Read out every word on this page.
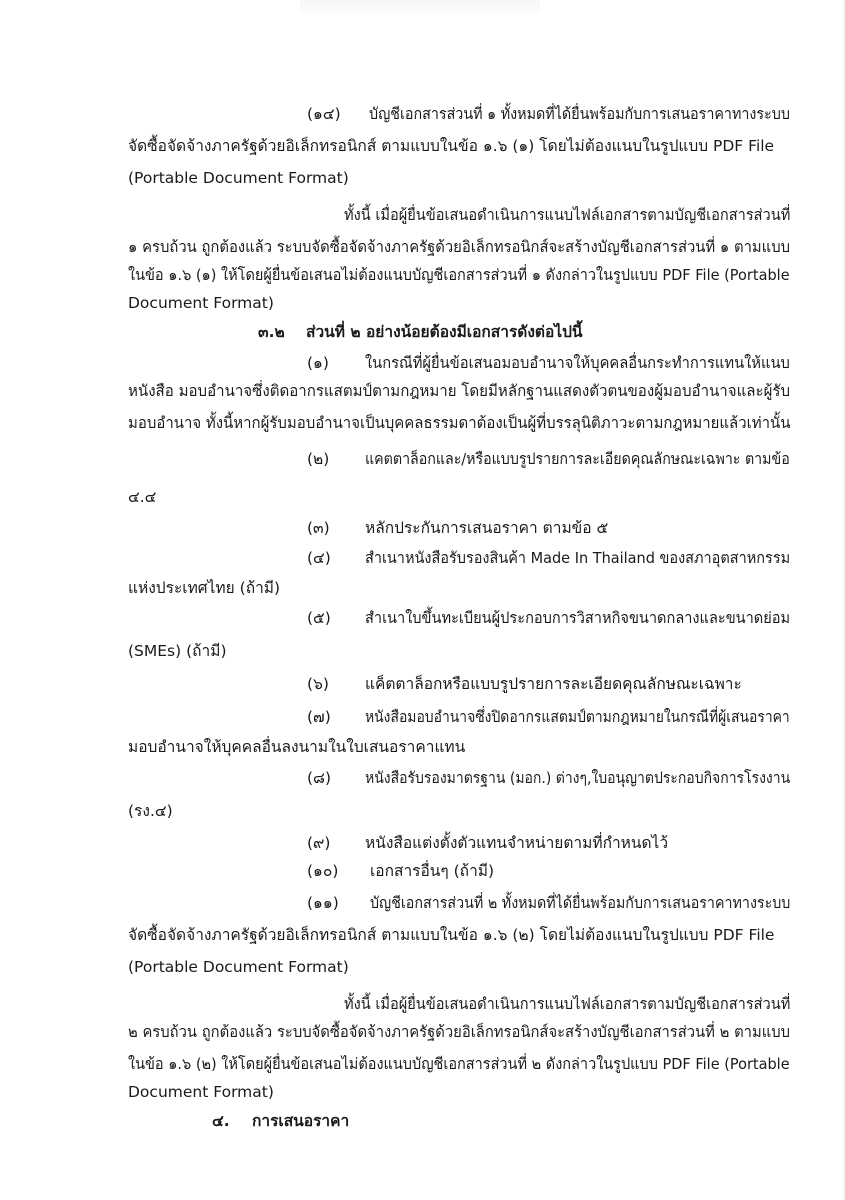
(๑๔) บัญชีเอกสารส่วนที่ ๑ ทั้งหมดที่ได้ยื่นพร้อมกับการเสนอราคาทางระบบ
จัดซื้อจัดจ้างภาครัฐด้วยอิเล็กทรอนิกส์ ตามแบบในข้อ ๑.๖ (๑) โดยไม่ต้องแนบในรูปแบบ PDF File
(Portable Document Format)
ทั้งนี้ เมื่อผู้ยื่นข้อเสนอดำเนินการแนบไฟล์เอกสารตามบัญชีเอกสารส่วนที่
๑ ครบถ้วน ถูกต้องแล้ว ระบบจัดซื้อจัดจ้างภาครัฐด้วยอิเล็กทรอนิกส์จะสร้างบัญชีเอกสารส่วนที่ ๑ ตามแบบ
ในข้อ ๑.๖ (๑) ให้โดยผู้ยื่นข้อเสนอไม่ต้องแนบบัญชีเอกสารส่วนที่ ๑ ดังกล่าวในรูปแบบ PDF File (Portable
Document Format)
๓.๒ ส่วนที่ ๒ อย่างน้อยต้องมีเอกสารดังต่อไปนี้
(๑) ในกรณีที่ผู้ยื่นข้อเสนอมอบอำนาจให้บุคคลอื่นกระทำการแทนให้แนบ
หนังสือ มอบอำนาจซึ่งติดอากรแสตมป์ตามกฎหมาย โดยมีหลักฐานแสดงตัวตนของผู้มอบอำนาจและผู้รับ
มอบอำนาจ ทั้งนี้หากผู้รับมอบอำนาจเป็นบุคคลธรรมดาต้องเป็นผู้ที่บรรลุนิติภาวะตามกฎหมายแล้วเท่านั้น
(๒) แคตตาล็อกและ/หรือแบบรูปรายการละเอียดคุณลักษณะเฉพาะ ตามข้อ
๔.๔
(๓) หลักประกันการเสนอราคา ตามข้อ ๕
(๔) สำเนาหนังสือรับรองสินค้า Made In Thailand ของสภาอุตสาหกรรม
แห่งประเทศไทย (ถ้ามี)
(๕) สำเนาใบขึ้นทะเบียนผู้ประกอบการวิสาหกิจขนาดกลางและขนาดย่อม
(SMEs) (ถ้ามี)
(๖) แค็ตตาล็อกหรือแบบรูปรายการละเอียดคุณลักษณะเฉพาะ
(๗) หนังสือมอบอำนาจซึ่งปิดอากรแสตมป์ตามกฎหมายในกรณีที่ผู้เสนอราคา
มอบอำนาจให้บุคคลอื่นลงนามในใบเสนอราคาแทน
(๘) หนังสือรับรองมาตรฐาน (มอก.) ต่างๆ,ใบอนุญาตประกอบกิจการโรงงาน
(รง.๔)
(๙) หนังสือแต่งตั้งตัวแทนจำหน่ายตามที่กำหนดไว้
(๑๐) เอกสารอื่นๆ (ถ้ามี)
(๑๑) บัญชีเอกสารส่วนที่ ๒ ทั้งหมดที่ได้ยื่นพร้อมกับการเสนอราคาทางระบบ
จัดซื้อจัดจ้างภาครัฐด้วยอิเล็กทรอนิกส์ ตามแบบในข้อ ๑.๖ (๒) โดยไม่ต้องแนบในรูปแบบ PDF File
(Portable Document Format)
ทั้งนี้ เมื่อผู้ยื่นข้อเสนอดำเนินการแนบไฟล์เอกสารตามบัญชีเอกสารส่วนที่
๒ ครบถ้วน ถูกต้องแล้ว ระบบจัดซื้อจัดจ้างภาครัฐด้วยอิเล็กทรอนิกส์จะสร้างบัญชีเอกสารส่วนที่ ๒ ตามแบบ
ในข้อ ๑.๖ (๒) ให้โดยผู้ยื่นข้อเสนอไม่ต้องแนบบัญชีเอกสารส่วนที่ ๒ ดังกล่าวในรูปแบบ PDF File (Portable
Document Format)
๔. การเสนอราคา
